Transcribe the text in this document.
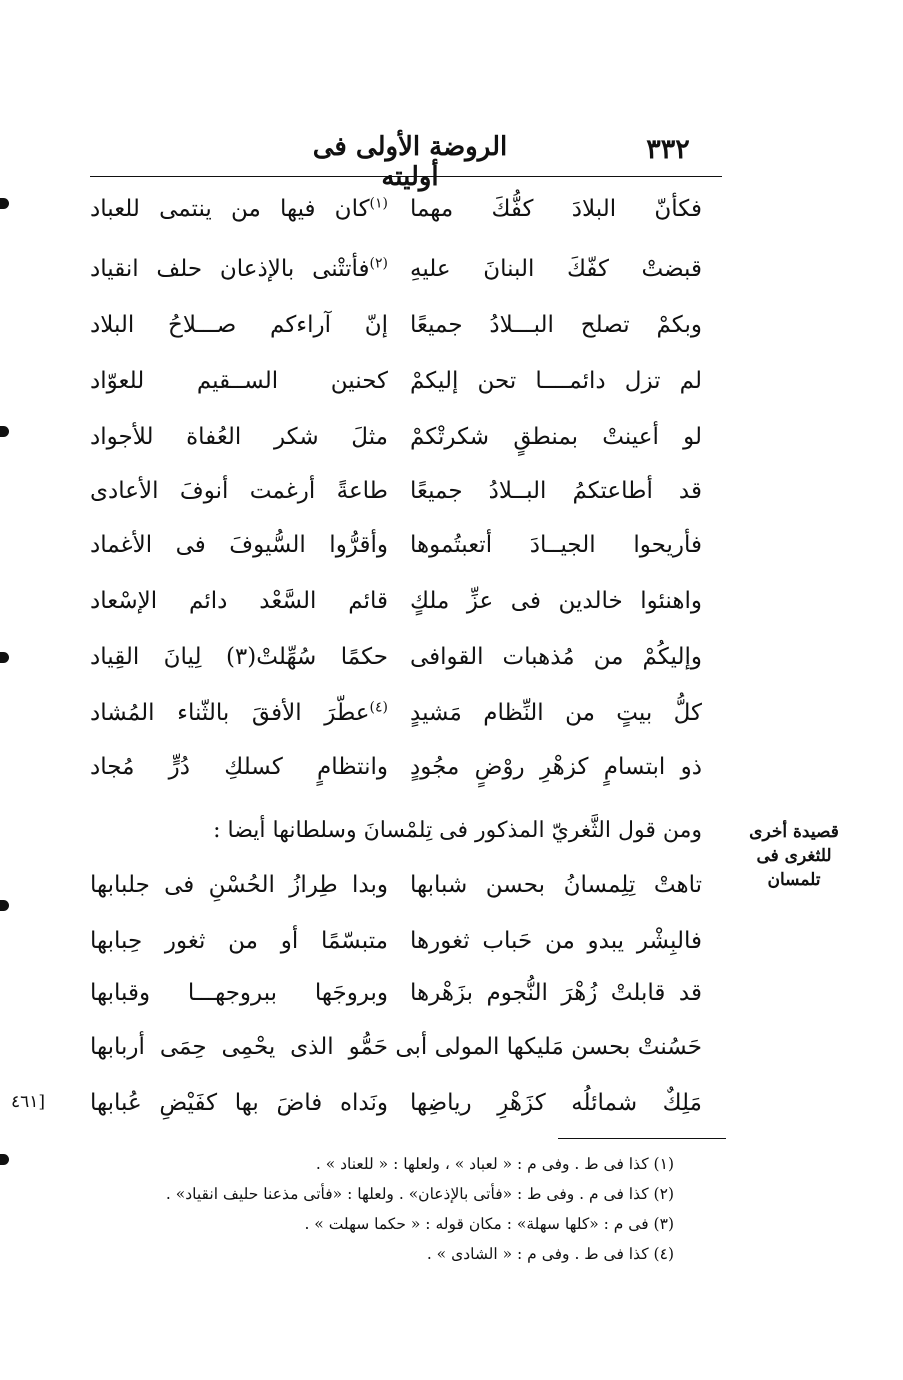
٣٣٢
الروضة الأولى فى أوليته
فكأنّ البلادَ كفُّكَ مهما
$^{(١)}$كان فيها من ينتمى للعباد
قبضتْ كفّكَ البنانَ عليهِ
$^{(٢)}$فأتتْنى بالإذعان حلف انقياد
وبكمْ تصلح البـــلادُ جميعًا
إنّ آراءكم صـــلاحُ البلاد
لم تزل دائمــــا تحن إليكمْ
كحنين الســقيم للعوّاد
لو أعينتْ بمنطقٍ شكرتْكمْ
مثلَ شكر العُفاة للأجواد
قد أطاعتكمُ البــلادُ جميعًا
طاعةً أرغمت أنوفَ الأعادى
فأريحوا الجيــادَ أتعبتُموها
وأقرُّوا السُّيوفَ فى الأغماد
واهنئوا خالدين فى عزِّ ملكٍ
قائم السَّعْد دائم الإسْعاد
وإليكُمْ من مُذهبات القوافى
حكمًا سُهِّلتْ(٣) لِيانَ القِياد
كلُّ بيتٍ من النِّظام مَشيدٍ
$^{(٤)}$عطّرَ الأفقَ بالثّناء المُشاد
ذو ابتسامٍ كزهْرِ روْضٍ مجُودٍ
وانتظامٍ كسلكِ دُرٍّ مُجاد
ومن قول الثَّغريّ المذكور فى تِلمْسانَ وسلطانها أيضا :	قصيدة أخرى
للثغرى فى
تلمسان
تاهتْ تِلِمسانُ بحسن شبابها
وبدا طِرازُ الحُسْنِ فى جلبابها
فالبِشْر يبدو من حَباب ثغورها
متبسّمًا أو من ثغور حِبابها
قد قابلتْ زُهْرَ النُّجوم بزَهْرها
وبروجَها ببروجهـــا وقبابها
حَسُنتْ بحسن مَليكها المولى أبى
حَمُّو الذى يحْمِى حِمَى أربابها
مَلِكٌ شمائلُه كزَهْرِ رياضِها
ونَداه فاضَ بها كفَيْضِ عُبابها
[٤٦١
(١) كذا فى ط . وفى م : « لعباد » ، ولعلها : « للعناد » .
(٢) كذا فى م . وفى ط : «فأتى بالإذعان» . ولعلها : «فأتى مذعنا حليف انقياد» .
(٣) فى م : «كلها سهلة» : مكان قوله : « حكما سهلت » .
(٤) كذا فى ط . وفى م : « الشادى » .
